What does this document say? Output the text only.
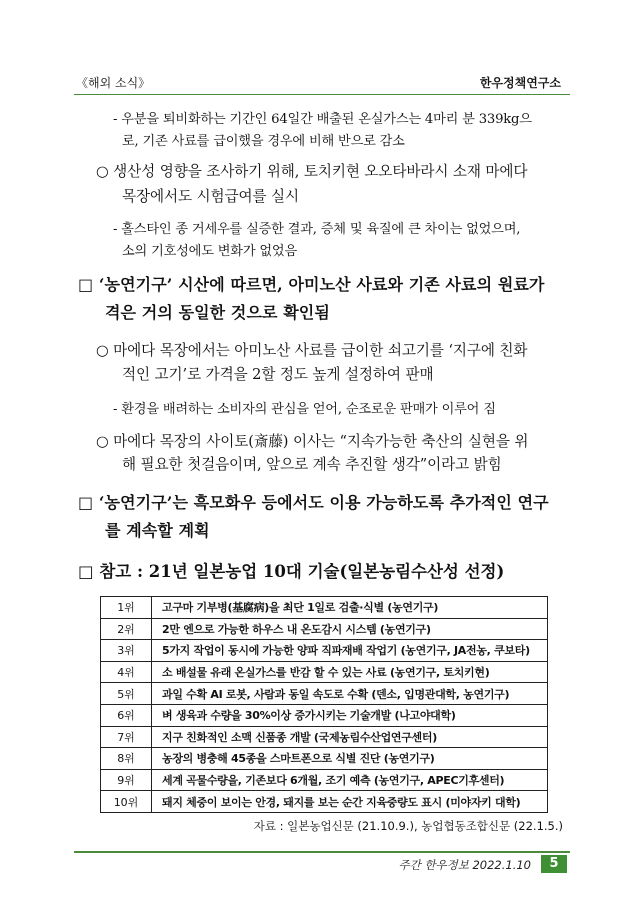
《해외 소식》	한우정책연구소
- 우분을 퇴비화하는 기간인 64일간 배출된 온실가스는 4마리 분 339kg으
로, 기존 사료를 급이했을 경우에 비해 반으로 감소
○ 생산성 영향을 조사하기 위해, 토치키현 오오타바라시 소재 마에다
목장에서도 시험급여를 실시
- 홀스타인 종 거세우를 실증한 결과, 증체 및 육질에 큰 차이는 없었으며,
소의 기호성에도 변화가 없었음
□ ‘농연기구’ 시산에 따르면, 아미노산 사료와 기존 사료의 원료가
격은 거의 동일한 것으로 확인됨
○ 마에다 목장에서는 아미노산 사료를 급이한 쇠고기를 ‘지구에 친화
적인 고기’로 가격을 2할 정도 높게 설정하여 판매
- 환경을 배려하는 소비자의 관심을 얻어, 순조로운 판매가 이루어 짐
○ 마에다 목장의 사이토(斎藤) 이사는 “지속가능한 축산의 실현을 위
해 필요한 첫걸음이며, 앞으로 계속 추진할 생각”이라고 밝힘
□ ‘농연기구’는 흑모화우 등에서도 이용 가능하도록 추가적인 연구
를 계속할 계획
□ 참고 : 21년 일본농업 10대 기술(일본농림수산성 선정)
1위	고구마 기부병(基腐病)을 최단 1일로 검출·식별 (농연기구)
2위	2만 엔으로 가능한 하우스 내 온도감시 시스템 (농연기구)
3위	5가지 작업이 동시에 가능한 양파 직파재배 작업기 (농연기구, JA전농, 쿠보타)
4위	소 배설물 유래 온실가스를 반감 할 수 있는 사료 (농연기구, 토치키현)
5위	과일 수확 AI 로봇, 사람과 동일 속도로 수확 (덴소, 입명관대학, 농연기구)
6위	벼 생육과 수량을 30%이상 증가시키는 기술개발 (나고야대학)
7위	지구 친화적인 소맥 신품종 개발 (국제농림수산업연구센터)
8위	농장의 병충해 45종을 스마트폰으로 식별 진단 (농연기구)
9위	세계 곡물수량을, 기존보다 6개월, 조기 예측 (농연기구, APEC기후센터)
10위	돼지 체중이 보이는 안경, 돼지를 보는 순간 지육중량도 표시 (미야자키 대학)
자료 : 일본농업신문 (21.10.9.), 농업협동조합신문 (22.1.5.)
주간 한우정보 2022.1.10	5
